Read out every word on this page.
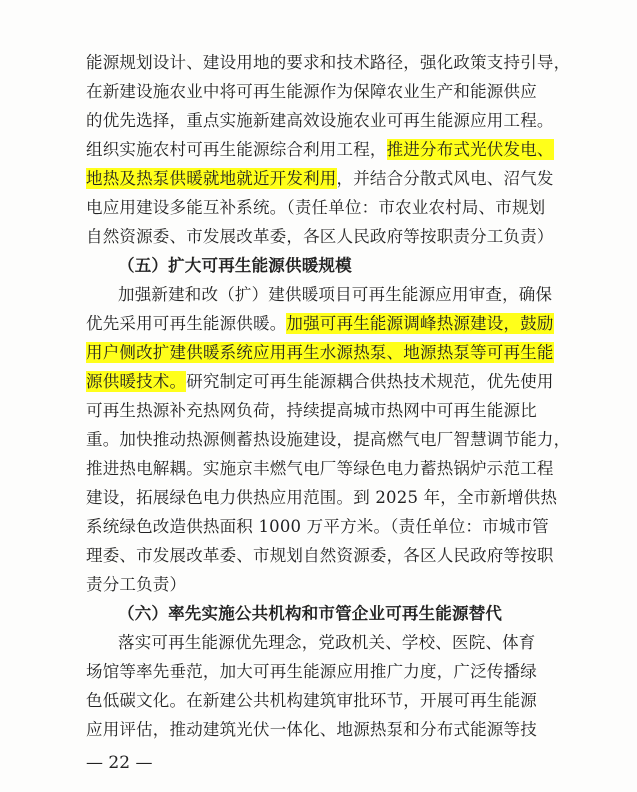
能源规划设计、建设用地的要求和技术路径，强化政策支持引导，
在新建设施农业中将可再生能源作为保障农业生产和能源供应
的优先选择，重点实施新建高效设施农业可再生能源应用工程。
组织实施农村可再生能源综合利用工程，推进分布式光伏发电、
地热及热泵供暖就地就近开发利用，并结合分散式风电、沼气发
电应用建设多能互补系统。（责任单位：市农业农村局、市规划
自然资源委、市发展改革委，各区人民政府等按职责分工负责）
（五）扩大可再生能源供暖规模
加强新建和改（扩）建供暖项目可再生能源应用审查，确保
优先采用可再生能源供暖。加强可再生能源调峰热源建设，鼓励
用户侧改扩建供暖系统应用再生水源热泵、地源热泵等可再生能
源供暖技术。研究制定可再生能源耦合供热技术规范，优先使用
可再生热源补充热网负荷，持续提高城市热网中可再生能源比
重。加快推动热源侧蓄热设施建设，提高燃气电厂智慧调节能力，
推进热电解耦。实施京丰燃气电厂等绿色电力蓄热锅炉示范工程
建设，拓展绿色电力供热应用范围。到 2025 年，全市新增供热
系统绿色改造供热面积 1000 万平方米。（责任单位：市城市管
理委、市发展改革委、市规划自然资源委，各区人民政府等按职
责分工负责）
（六）率先实施公共机构和市管企业可再生能源替代
落实可再生能源优先理念，党政机关、学校、医院、体育
场馆等率先垂范，加大可再生能源应用推广力度，广泛传播绿
色低碳文化。在新建公共机构建筑审批环节，开展可再生能源
应用评估，推动建筑光伏一体化、地源热泵和分布式能源等技
— 22 —
